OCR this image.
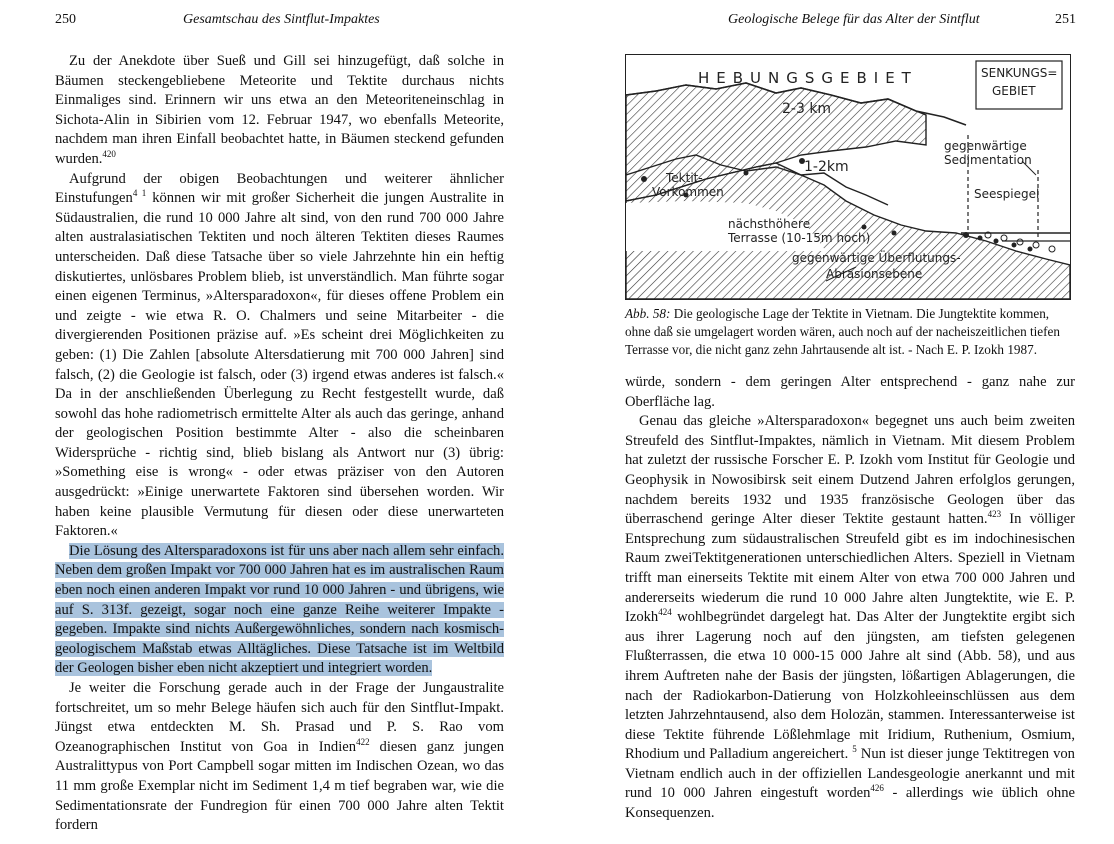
250	Gesamtschau des Sintflut-Impaktes

Zu der Anekdote über Sueß und Gill sei hinzugefügt, daß solche in Bäumen steckengebliebene Meteorite und Tektite durchaus nichts Einmaliges sind. Erinnern wir uns etwa an den Meteoriteneinschlag in Sichota-Alin in Sibirien vom 12. Februar 1947, wo ebenfalls Meteorite, nachdem man ihren Einfall beobachtet hatte, in Bäumen steckend gefunden wurden.$^{420}$

Aufgrund der obigen Beobachtungen und weiterer ähnlicher Einstufungen$^{4 1}$ können wir mit großer Sicherheit die jungen Australite in Südaustralien, die rund 10 000 Jahre alt sind, von den rund 700 000 Jahre alten australasiatischen Tektiten und noch älteren Tektiten dieses Raumes unterscheiden. Daß diese Tatsache über so viele Jahrzehnte hin ein heftig diskutiertes, unlösbares Problem blieb, ist unverständlich. Man führte sogar einen eigenen Terminus, »Altersparadoxon«, für dieses offene Problem ein und zeigte - wie etwa R. O. Chalmers und seine Mitarbeiter - die divergierenden Positionen präzise auf. »Es scheint drei Möglichkeiten zu geben: (1) Die Zahlen [absolute Altersdatierung mit 700 000 Jahren] sind falsch, (2) die Geologie ist falsch, oder (3) irgend etwas anderes ist falsch.« Da in der anschließenden Überlegung zu Recht festgestellt wurde, daß sowohl das hohe radiometrisch ermittelte Alter als auch das geringe, anhand der geologischen Position bestimmte Alter - also die scheinbaren Widersprüche - richtig sind, blieb bislang als Antwort nur (3) übrig: »Something eise is wrong« - oder etwas präziser von den Autoren ausgedrückt: »Einige unerwartete Faktoren sind übersehen worden. Wir haben keine plausible Vermutung für diesen oder diese unerwarteten Faktoren.«

Die Lösung des Altersparadoxons ist für uns aber nach allem sehr einfach. Neben dem großen Impakt vor 700 000 Jahren hat es im australischen Raum eben noch einen anderen Impakt vor rund 10 000 Jahren - und übrigens, wie auf S. 313f. gezeigt, sogar noch eine ganze Reihe weiterer Impakte - gegeben. Impakte sind nichts Außergewöhnliches, sondern nach kosmisch-geologischem Maßstab etwas Alltägliches. Diese Tatsache ist im Weltbild der Geologen bisher eben nicht akzeptiert und integriert worden.

Je weiter die Forschung gerade auch in der Frage der Jungaustralite fortschreitet, um so mehr Belege häufen sich auch für den Sintflut-Impakt. Jüngst etwa entdeckten M. Sh. Prasad und P. S. Rao vom Ozeanographischen Institut von Goa in Indien$^{422}$ diesen ganz jungen Australittypus von Port Campbell sogar mitten im Indischen Ozean, wo das 11 mm große Exemplar nicht im Sediment 1,4 m tief begraben war, wie die Sedimentationsrate der Fundregion für einen 700 000 Jahre alten Tektit fordern

Geologische Belege für das Alter der Sintflut	251
HEBUNGSGEBIET	SENKUNGS=
GEBIET
2-3 km
1-2km
Tektit-
Vorkommen
gegenwärtige
Sedimentation
Seespiegel
nächsthöhere
Terrasse (10-15m hoch)
gegenwärtige Überflutungs-
Abrasionsebene
Abb. 58: Die geologische Lage der Tektite in Vietnam. Die Jungtektite kommen, ohne daß sie umgelagert worden wären, auch noch auf der nacheiszeitlichen tiefen Terrasse vor, die nicht ganz zehn Jahrtausende alt ist. - Nach E. P. Izokh 1987.

würde, sondern - dem geringen Alter entsprechend - ganz nahe zur Oberfläche lag.

Genau das gleiche »Altersparadoxon« begegnet uns auch beim zweiten Streufeld des Sintflut-Impaktes, nämlich in Vietnam. Mit diesem Problem hat zuletzt der russische Forscher E. P. Izokh vom Institut für Geologie und Geophysik in Nowosibirsk seit einem Dutzend Jahren erfolglos gerungen, nachdem bereits 1932 und 1935 französische Geologen über das überraschend geringe Alter dieser Tektite gestaunt hatten.$^{423}$ In völliger Entsprechung zum südaustralischen Streufeld gibt es im indochinesischen Raum zweiTektitgenerationen unterschiedlichen Alters. Speziell in Vietnam trifft man einerseits Tektite mit einem Alter von etwa 700 000 Jahren und andererseits wiederum die rund 10 000 Jahre alten Jungtektite, wie E. P. Izokh$^{424}$ wohlbegründet dargelegt hat. Das Alter der Jungtektite ergibt sich aus ihrer Lagerung noch auf den jüngsten, am tiefsten gelegenen Flußterrassen, die etwa 10 000-15 000 Jahre alt sind (Abb. 58), und aus ihrem Auftreten nahe der Basis der jüngsten, lößartigen Ablagerungen, die nach der Radiokarbon-Datierung von Holzkohleeinschlüssen aus dem letzten Jahrzehntausend, also dem Holozän, stammen. Interessanterweise ist diese Tektite führende Lößlehmlage mit Iridium, Ruthenium, Osmium, Rhodium und Palladium angereichert. $^5$ Nun ist dieser junge Tektitregen von Vietnam endlich auch in der offiziellen Landesgeologie anerkannt und mit rund 10 000 Jahren eingestuft worden$^{426}$ - allerdings wie üblich ohne Konsequenzen.
